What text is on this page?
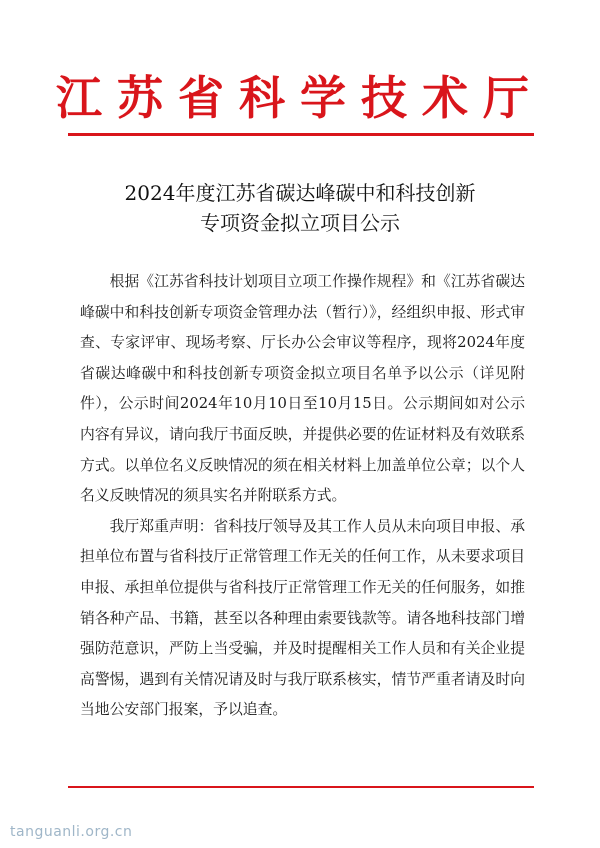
江苏省科学技术厅
2024年度江苏省碳达峰碳中和科技创新
专项资金拟立项目公示

根据《江苏省科技计划项目立项工作操作规程》和《江苏省碳达峰碳中和科技创新专项资金管理办法（暂行）》，经组织申报、形式审查、专家评审、现场考察、厅长办公会审议等程序，现将2024年度省碳达峰碳中和科技创新专项资金拟立项目名单予以公示（详见附件），公示时间2024年10月10日至10月15日。公示期间如对公示内容有异议，请向我厅书面反映，并提供必要的佐证材料及有效联系方式。以单位名义反映情况的须在相关材料上加盖单位公章；以个人名义反映情况的须具实名并附联系方式。

我厅郑重声明：省科技厅领导及其工作人员从未向项目申报、承担单位布置与省科技厅正常管理工作无关的任何工作，从未要求项目申报、承担单位提供与省科技厅正常管理工作无关的任何服务，如推销各种产品、书籍，甚至以各种理由索要钱款等。请各地科技部门增强防范意识，严防上当受骗，并及时提醒相关工作人员和有关企业提高警惕，遇到有关情况请及时与我厅联系核实，情节严重者请及时向当地公安部门报案，予以追查。

tanguanli.org.cn
